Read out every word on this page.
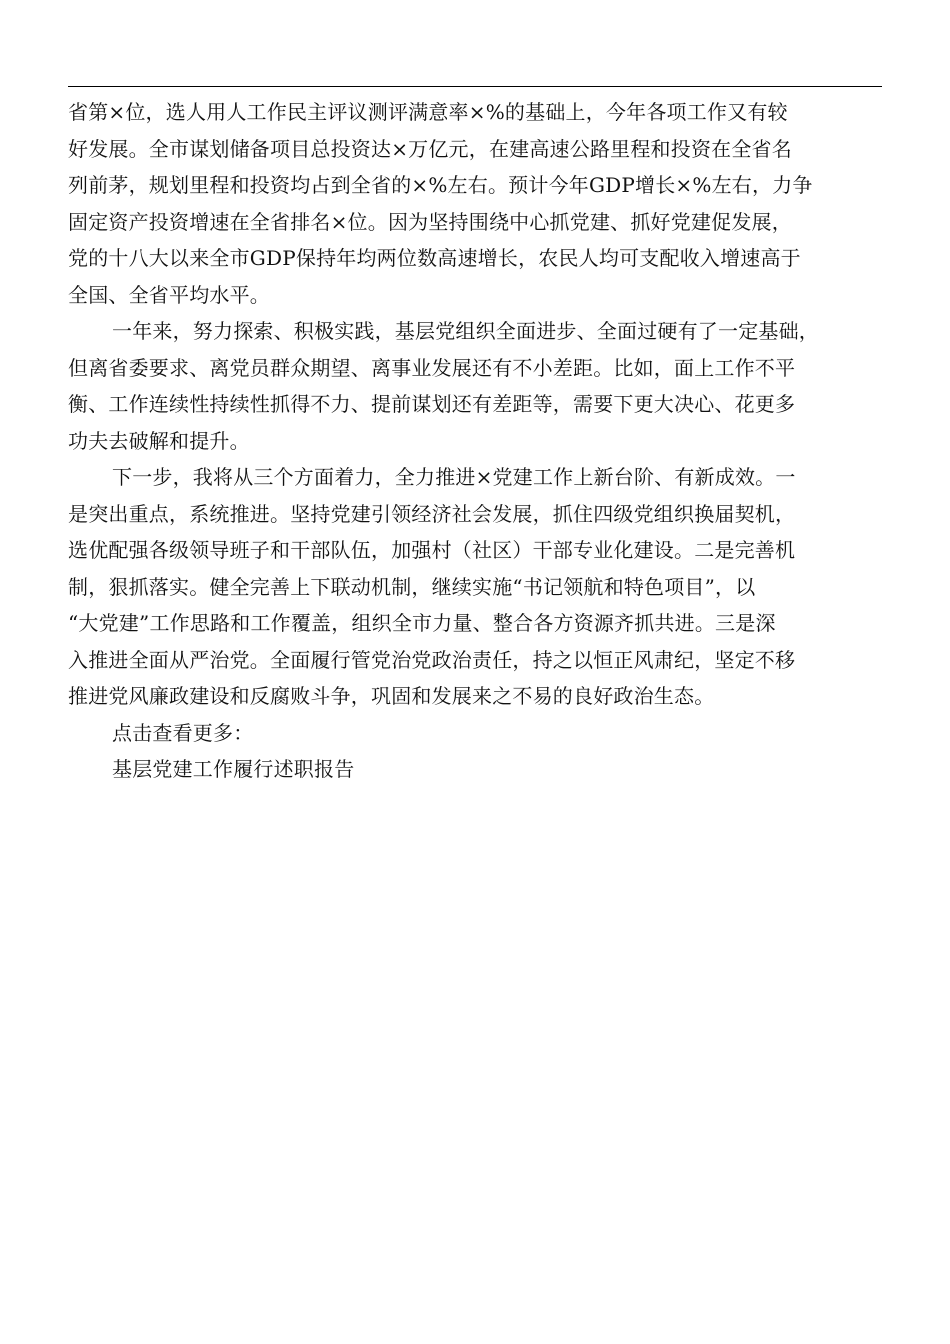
省第×位，选人用人工作民主评议测评满意率×%的基础上，今年各项工作又有较
好发展。全市谋划储备项目总投资达×万亿元，在建高速公路里程和投资在全省名
列前茅，规划里程和投资均占到全省的×%左右。预计今年GDP增长×%左右，力争
固定资产投资增速在全省排名×位。因为坚持围绕中心抓党建、抓好党建促发展，
党的十八大以来全市GDP保持年均两位数高速增长，农民人均可支配收入增速高于
全国、全省平均水平。
一年来，努力探索、积极实践，基层党组织全面进步、全面过硬有了一定基础，
但离省委要求、离党员群众期望、离事业发展还有不小差距。比如，面上工作不平
衡、工作连续性持续性抓得不力、提前谋划还有差距等，需要下更大决心、花更多
功夫去破解和提升。
下一步，我将从三个方面着力，全力推进×党建工作上新台阶、有新成效。一
是突出重点，系统推进。坚持党建引领经济社会发展，抓住四级党组织换届契机，
选优配强各级领导班子和干部队伍，加强村（社区）干部专业化建设。二是完善机
制，狠抓落实。健全完善上下联动机制，继续实施“书记领航和特色项目”，以
“大党建”工作思路和工作覆盖，组织全市力量、整合各方资源齐抓共进。三是深
入推进全面从严治党。全面履行管党治党政治责任，持之以恒正风肃纪，坚定不移
推进党风廉政建设和反腐败斗争，巩固和发展来之不易的良好政治生态。
点击查看更多：
基层党建工作履行述职报告
